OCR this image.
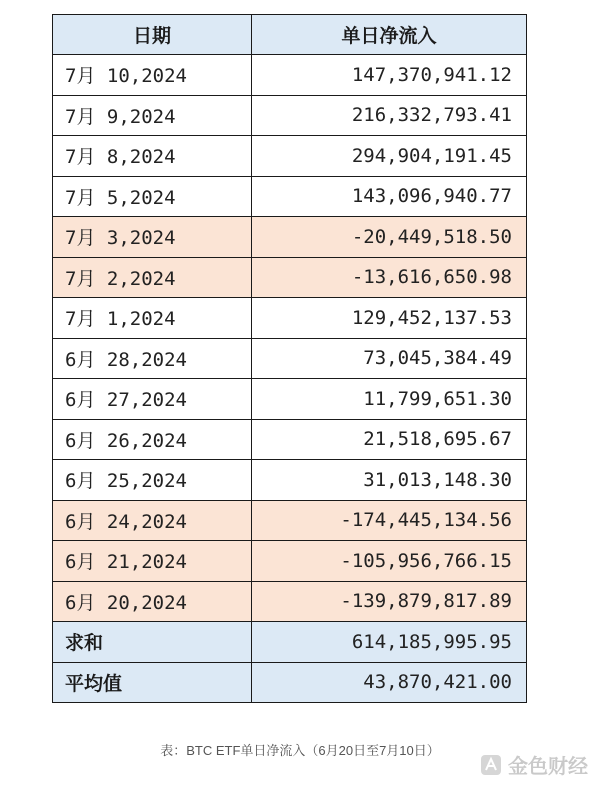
日期	单日净流入
7月 10,2024	147,370,941.12
7月 9,2024	216,332,793.41
7月 8,2024	294,904,191.45
7月 5,2024	143,096,940.77
7月 3,2024	-20,449,518.50
7月 2,2024	-13,616,650.98
7月 1,2024	129,452,137.53
6月 28,2024	73,045,384.49
6月 27,2024	11,799,651.30
6月 26,2024	21,518,695.67
6月 25,2024	31,013,148.30
6月 24,2024	-174,445,134.56
6月 21,2024	-105,956,766.15
6月 20,2024	-139,879,817.89
求和	614,185,995.95
平均值	43,870,421.00
表：BTC ETF单日净流入（6月20日至7月10日）
金色财经
